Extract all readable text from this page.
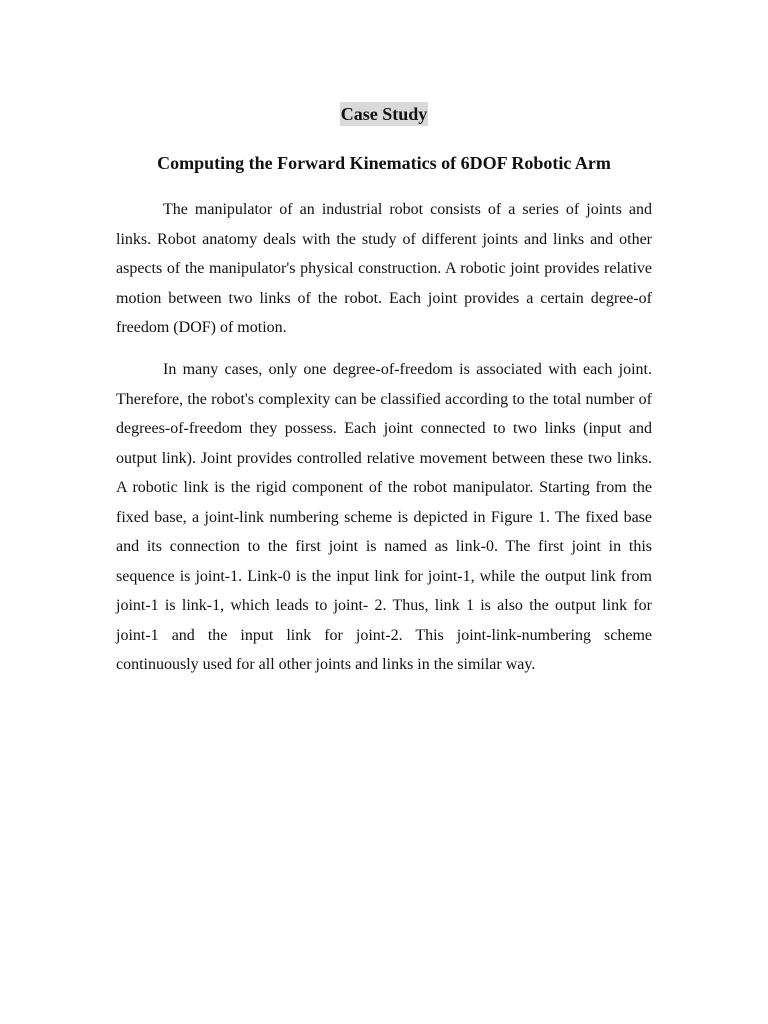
Case Study
Computing the Forward Kinematics of 6DOF Robotic Arm

The manipulator of an industrial robot consists of a series of joints and links. Robot anatomy deals with the study of different joints and links and other aspects of the manipulator's physical construction. A robotic joint provides relative motion between two links of the robot. Each joint provides a certain degree-of freedom (DOF) of motion.

In many cases, only one degree-of-freedom is associated with each joint. Therefore, the robot's complexity can be classified according to the total number of degrees-of-freedom they possess. Each joint connected to two links (input and output link). Joint provides controlled relative movement between these two links. A robotic link is the rigid component of the robot manipulator. Starting from the fixed base, a joint-link numbering scheme is depicted in Figure 1. The fixed base and its connection to the first joint is named as link-0. The first joint in this sequence is joint-1. Link-0 is the input link for joint-1, while the output link from joint-1 is link-1, which leads to joint- 2. Thus, link 1 is also the output link for joint-1 and the input link for joint-2. This joint-link-numbering scheme continuously used for all other joints and links in the similar way.
